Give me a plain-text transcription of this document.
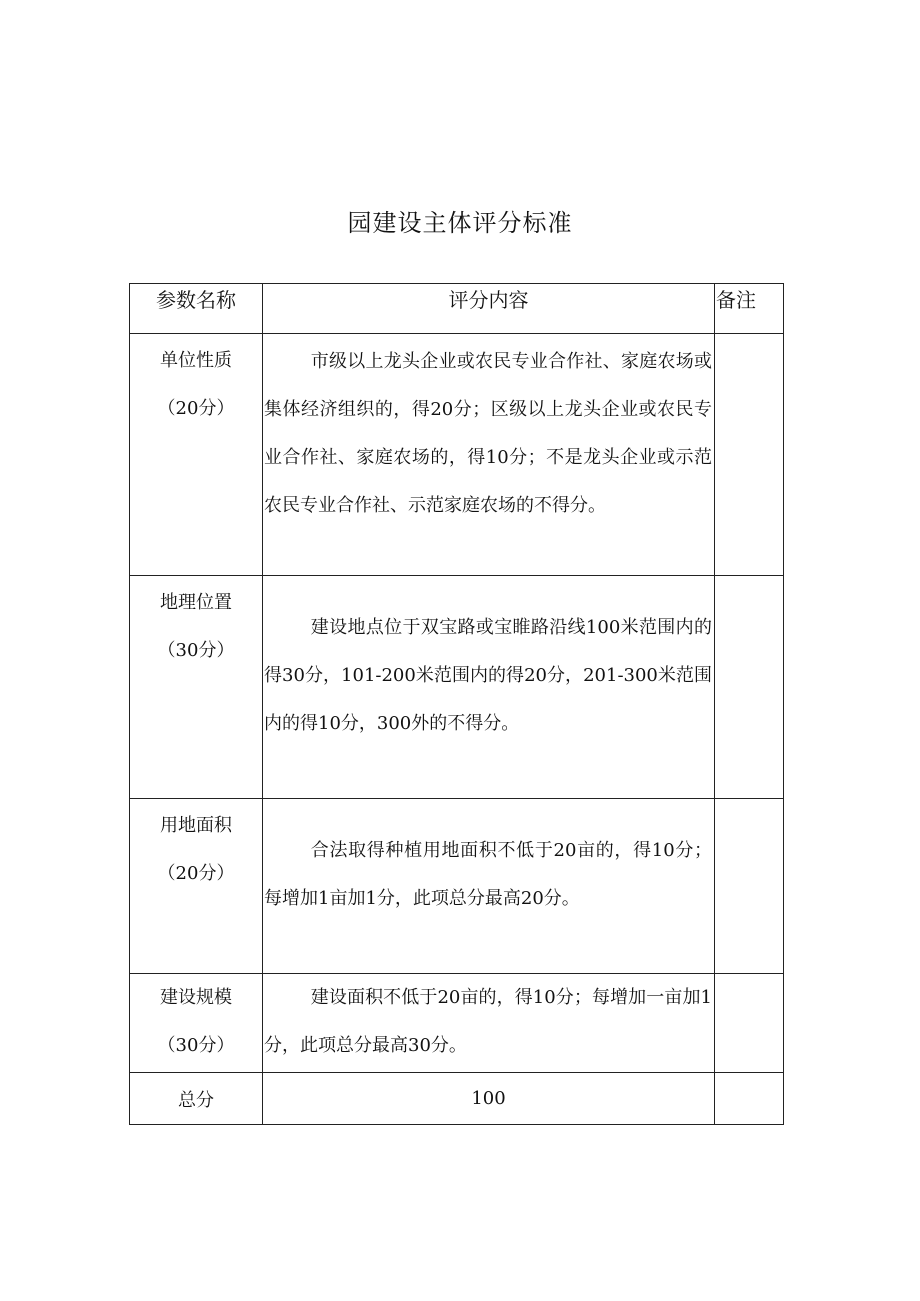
园建设主体评分标准
参数名称	评分内容	备注
单位性质
（20分）	市级以上龙头企业或农民专业合作社、家庭农场或集体经济组织的，得20分；区级以上龙头企业或农民专业合作社、家庭农场的，得10分；不是龙头企业或示范农民专业合作社、示范家庭农场的不得分。	

地理位置
（30分）	建设地点位于双宝路或宝睢路沿线100米范围内的得30分，101-200米范围内的得20分，201-300米范围内的得10分，300外的不得分。	

用地面积
（20分）	合法取得种植用地面积不低于20亩的，得10分；每增加1亩加1分，此项总分最高20分。	

建设规模
（30分）	建设面积不低于20亩的，得10分；每增加一亩加1分，此项总分最高30分。	

总分	100	
